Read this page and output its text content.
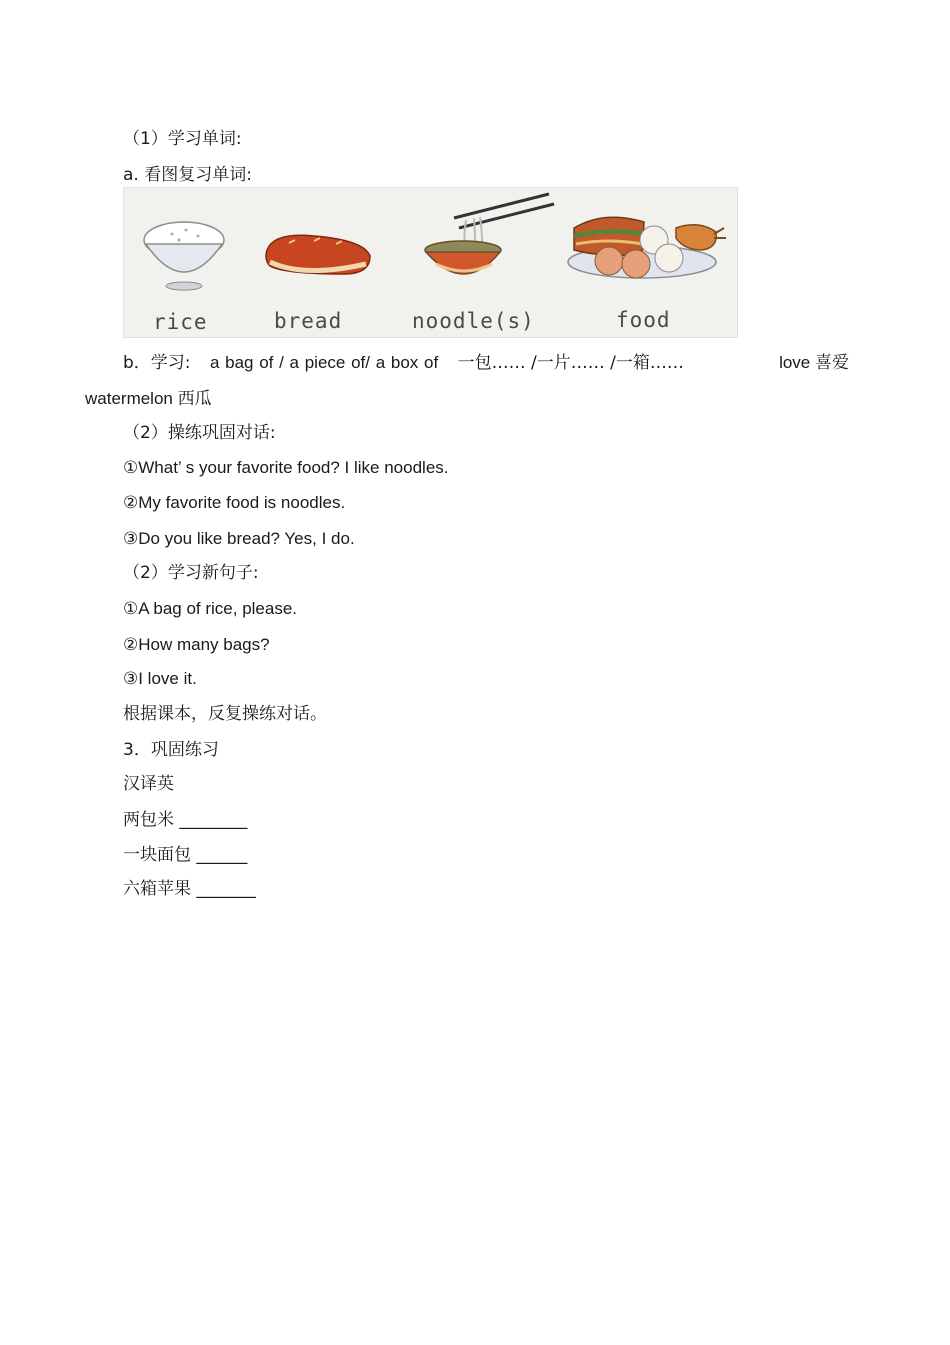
（1）学习单词:
a. 看图复习单词:
rice	bread	noodle(s)	food
b．学习: a bag of / a piece of/ a box of 一包…… /一片…… /一箱……	love 喜爱
watermelon 西瓜
（2）操练巩固对话:
①What’ s your favorite food? I like noodles.
②My favorite food is noodles.
③Do you like bread? Yes, I do.
（2）学习新句子:
①A bag of rice, please.
②How many bags?
③I love it.
根据课本，反复操练对话。
3．巩固练习
汉译英
两包米 ________
一块面包 ______
六箱苹果 _______
